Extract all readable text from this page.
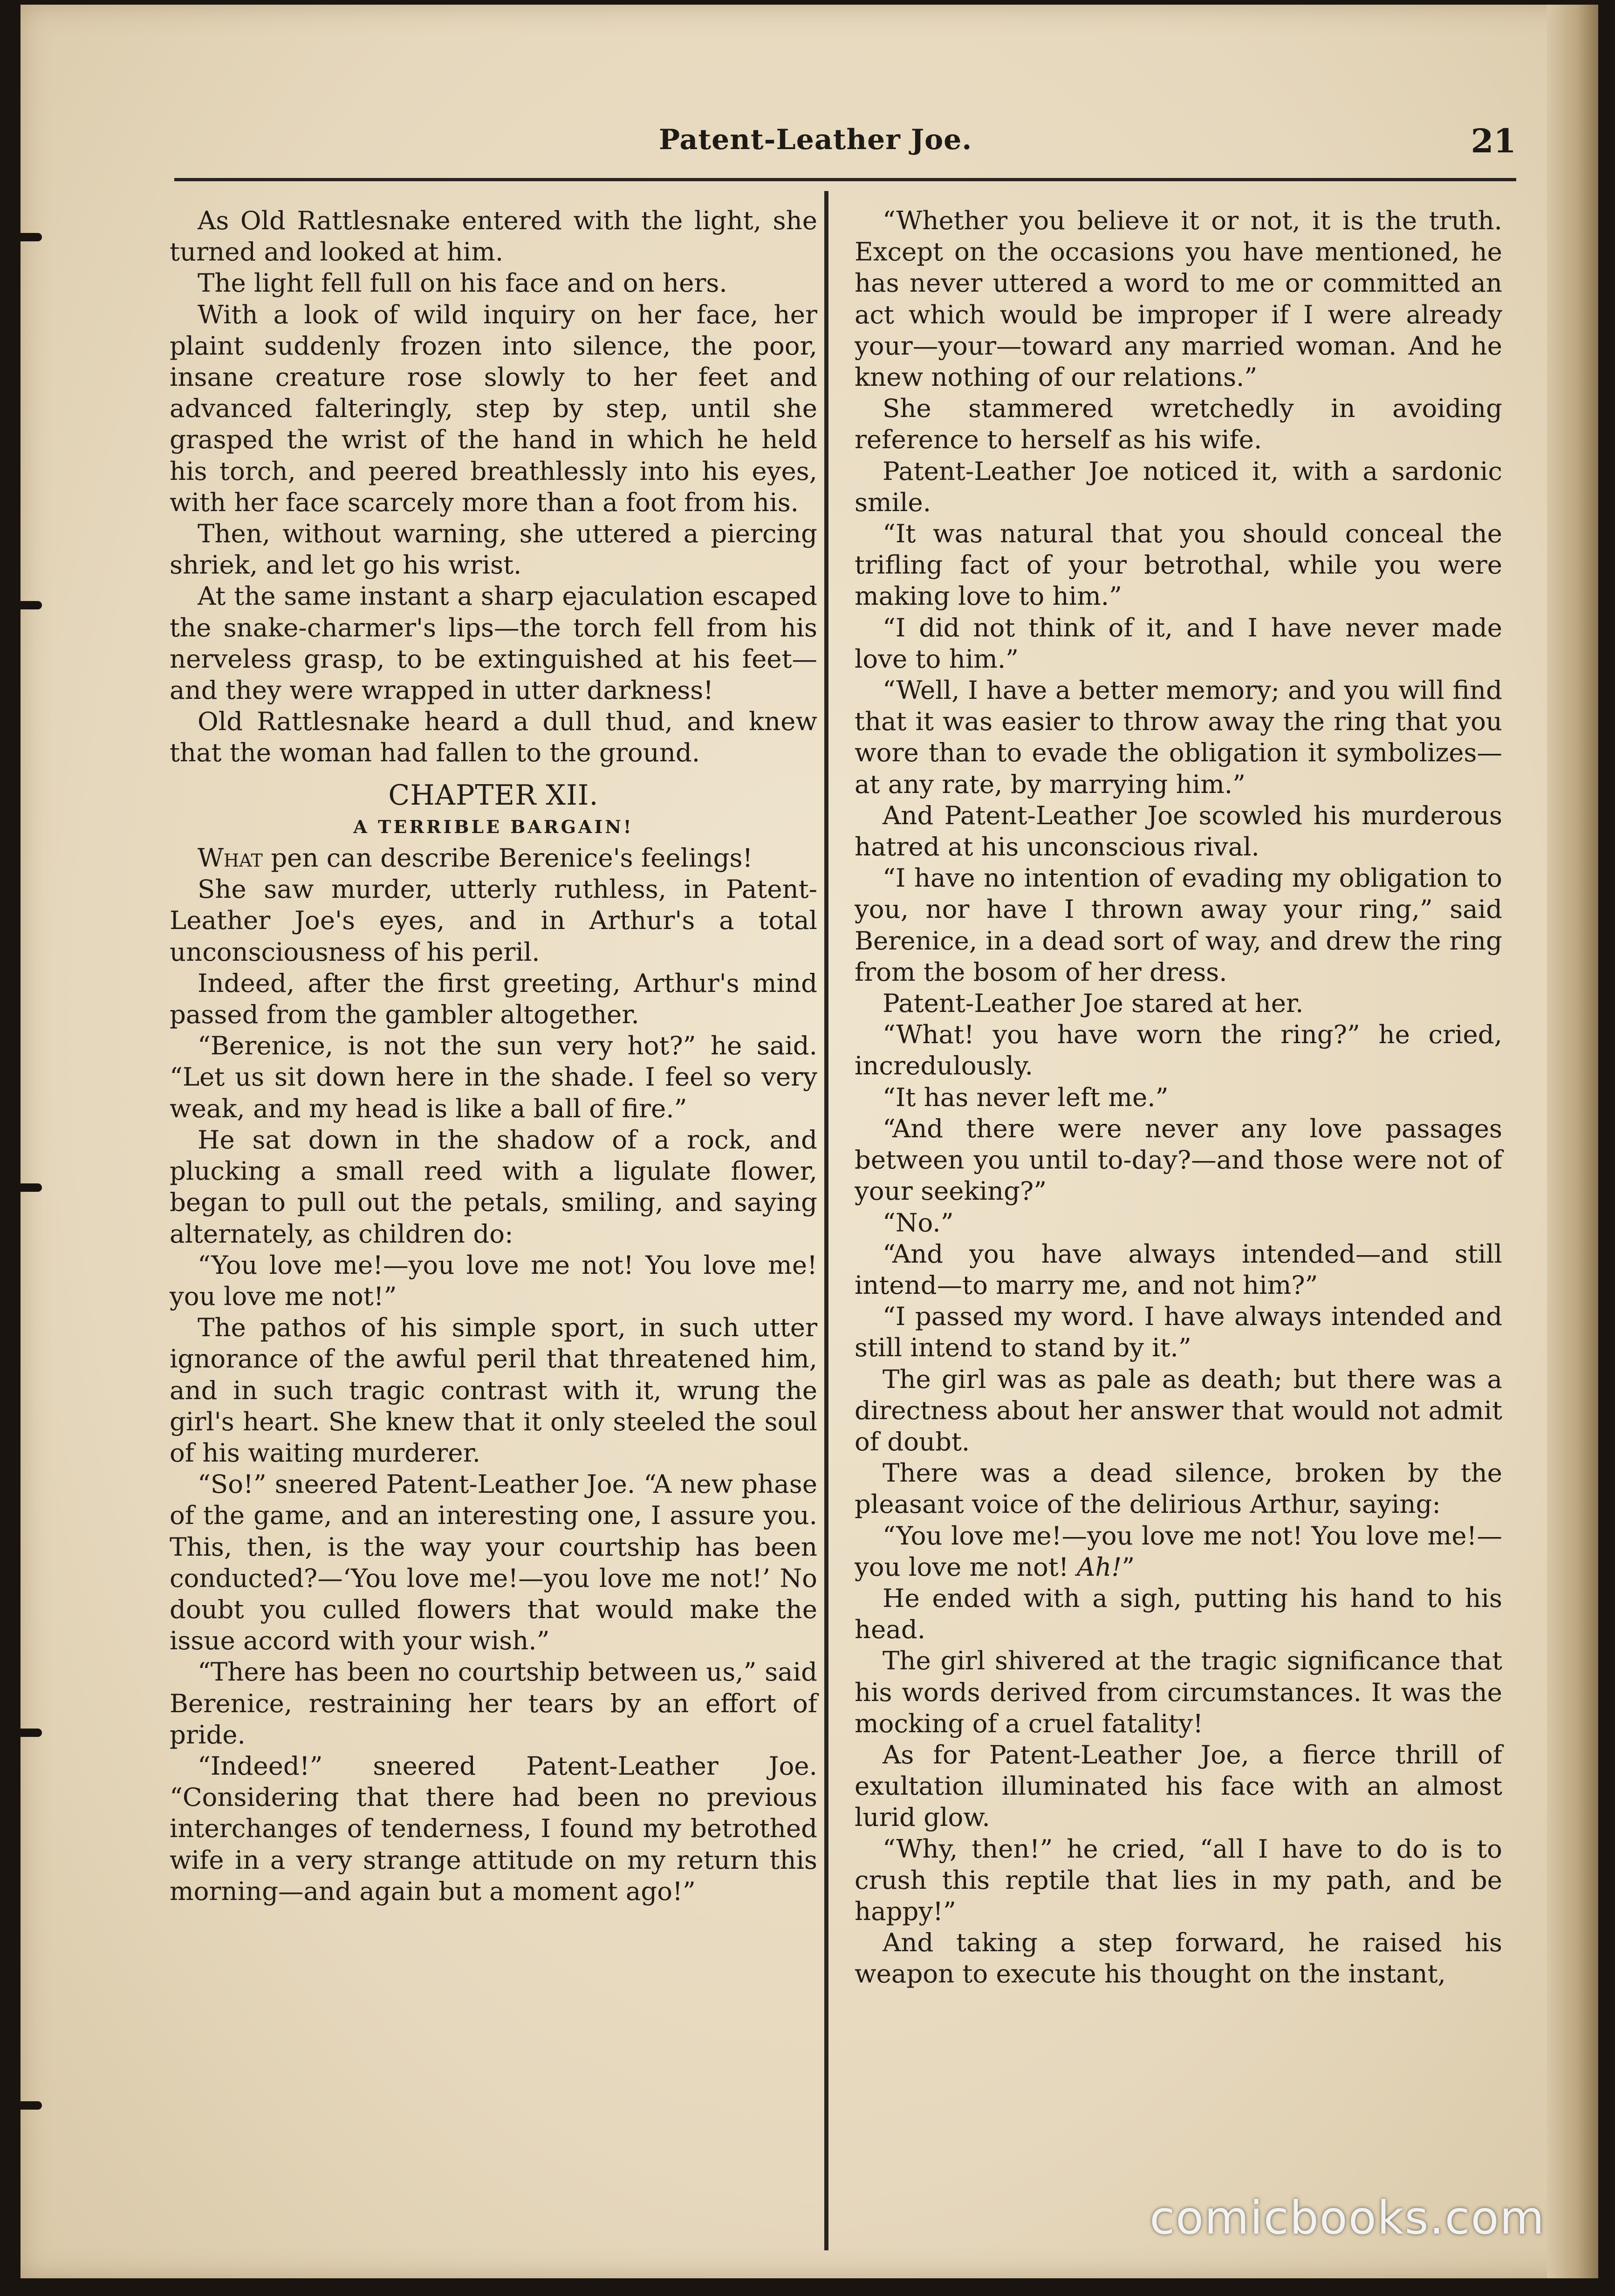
Patent-Leather Joe.	21

As Old Rattlesnake entered with the light, she turned and looked at him.

The light fell full on his face and on hers.

With a look of wild inquiry on her face, her plaint suddenly frozen into silence, the poor, insane creature rose slowly to her feet and advanced falteringly, step by step, until she grasped the wrist of the hand in which he held his torch, and peered breathlessly into his eyes, with her face scarcely more than a foot from his.

Then, without warning, she uttered a piercing shriek, and let go his wrist.

At the same instant a sharp ejaculation escaped the snake-charmer's lips—the torch fell from his nerveless grasp, to be extinguished at his feet—and they were wrapped in utter darkness!

Old Rattlesnake heard a dull thud, and knew that the woman had fallen to the ground.

CHAPTER XII.

A TERRIBLE BARGAIN!

What pen can describe Berenice's feelings!

She saw murder, utterly ruthless, in Patent-Leather Joe's eyes, and in Arthur's a total unconsciousness of his peril.

Indeed, after the first greeting, Arthur's mind passed from the gambler altogether.

“Berenice, is not the sun very hot?” he said. “Let us sit down here in the shade. I feel so very weak, and my head is like a ball of fire.”

He sat down in the shadow of a rock, and plucking a small reed with a ligulate flower, began to pull out the petals, smiling, and saying alternately, as children do:

“You love me!—you love me not! You love me! you love me not!”

The pathos of his simple sport, in such utter ignorance of the awful peril that threatened him, and in such tragic contrast with it, wrung the girl's heart. She knew that it only steeled the soul of his waiting murderer.

“So!” sneered Patent-Leather Joe. “A new phase of the game, and an interesting one, I assure you. This, then, is the way your courtship has been conducted?—‘You love me!—you love me not!’ No doubt you culled flowers that would make the issue accord with your wish.”

“There has been no courtship between us,” said Berenice, restraining her tears by an effort of pride.

“Indeed!” sneered Patent-Leather Joe. “Considering that there had been no previous interchanges of tenderness, I found my betrothed wife in a very strange attitude on my return this morning—and again but a moment ago!”

“Whether you believe it or not, it is the truth. Except on the occasions you have mentioned, he has never uttered a word to me or committed an act which would be improper if I were already your—your—toward any married woman. And he knew nothing of our relations.”

She stammered wretchedly in avoiding reference to herself as his wife.

Patent-Leather Joe noticed it, with a sardonic smile.

“It was natural that you should conceal the trifling fact of your betrothal, while you were making love to him.”

“I did not think of it, and I have never made love to him.”

“Well, I have a better memory; and you will find that it was easier to throw away the ring that you wore than to evade the obligation it symbolizes—at any rate, by marrying him.”

And Patent-Leather Joe scowled his murderous hatred at his unconscious rival.

“I have no intention of evading my obligation to you, nor have I thrown away your ring,” said Berenice, in a dead sort of way, and drew the ring from the bosom of her dress.

Patent-Leather Joe stared at her.

“What! you have worn the ring?” he cried, incredulously.

“It has never left me.”

“And there were never any love passages between you until to-day?—and those were not of your seeking?”

“No.”

“And you have always intended—and still intend—to marry me, and not him?”

“I passed my word. I have always intended and still intend to stand by it.”

The girl was as pale as death; but there was a directness about her answer that would not admit of doubt.

There was a dead silence, broken by the pleasant voice of the delirious Arthur, saying:

“You love me!—you love me not! You love me!—you love me not! Ah!”

He ended with a sigh, putting his hand to his head.

The girl shivered at the tragic significance that his words derived from circumstances. It was the mocking of a cruel fatality!

As for Patent-Leather Joe, a fierce thrill of exultation illuminated his face with an almost lurid glow.

“Why, then!” he cried, “all I have to do is to crush this reptile that lies in my path, and be happy!”

And taking a step forward, he raised his weapon to execute his thought on the instant,

comicbooks.com
